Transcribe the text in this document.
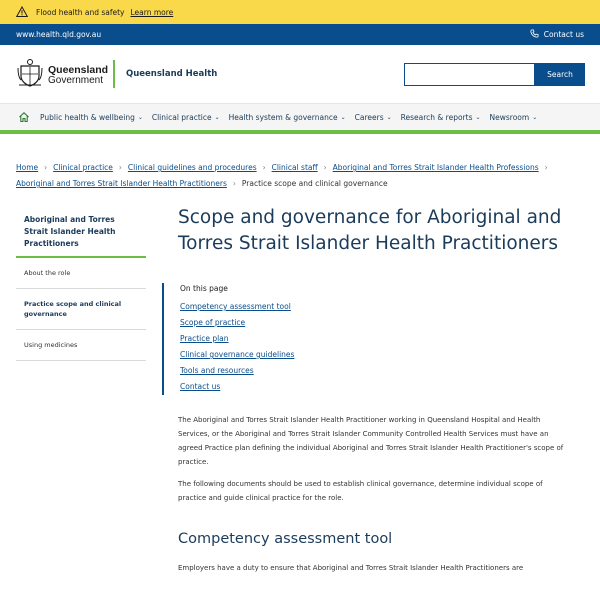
Flood health and safety Learn more
www.health.qld.gov.au	Contact us
Queensland
Government
Queensland Health	Search
Public health & wellbeing ⌄ Clinical practice ⌄ Health system & governance ⌄ Careers ⌄ Research & reports ⌄ Newsroom ⌄
Home › Clinical practice › Clinical guidelines and procedures › Clinical staff › Aboriginal and Torres Strait Islander Health Professions ›
Aboriginal and Torres Strait Islander Health Practitioners › Practice scope and clinical governance
Aboriginal and Torres Strait Islander Health Practitioners
About the role
Practice scope and clinical governance
Using medicines
Scope and governance for Aboriginal and Torres Strait Islander Health Practitioners
On this page
Competency assessment tool
Scope of practice
Practice plan
Clinical governance guidelines
Tools and resources
Contact us

The Aboriginal and Torres Strait Islander Health Practitioner working in Queensland Hospital and Health Services, or the Aboriginal and Torres Strait Islander Community Controlled Health Services must have an agreed Practice plan defining the individual Aboriginal and Torres Strait Islander Health Practitioner's scope of practice.

The following documents should be used to establish clinical governance, determine individual scope of practice and guide clinical practice for the role.

Competency assessment tool

Employers have a duty to ensure that Aboriginal and Torres Strait Islander Health Practitioners are
